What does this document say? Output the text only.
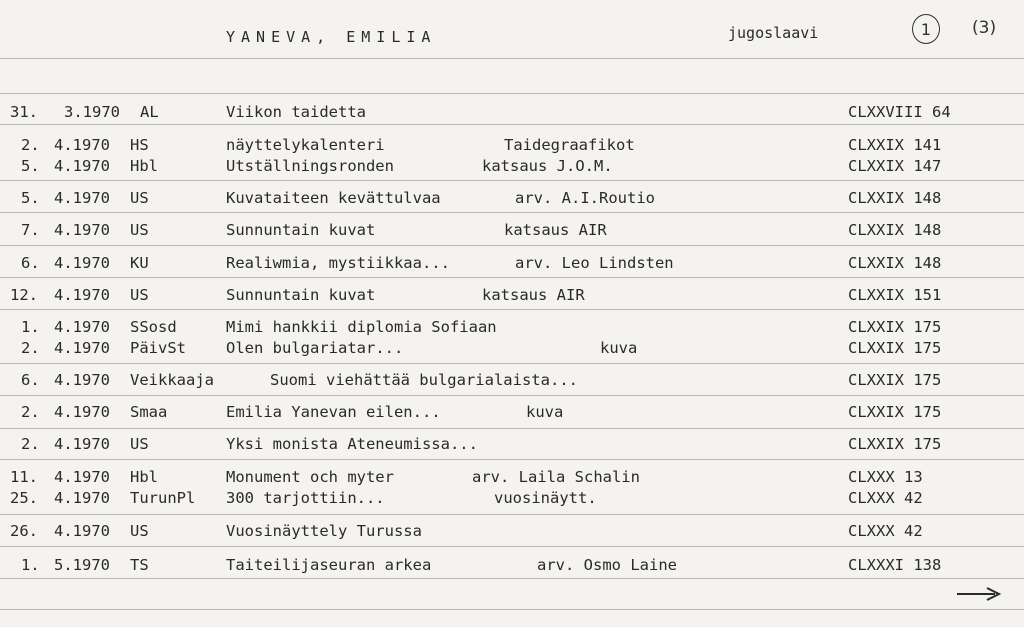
YANEVA, EMILIA	jugoslaavi	1 (3)
31. 3.1970 AL	Viikon taidetta	CLXXVIII 64
2. 4.1970 HS	näyttelykalenteri	Taidegraafikot	CLXXIX 141
5. 4.1970 Hbl	Utställningsronden	katsaus J.O.M.	CLXXIX 147
5. 4.1970 US	Kuvataiteen kevättulvaa	arv. A.I.Routio	CLXXIX 148
7. 4.1970 US	Sunnuntain kuvat	katsaus AIR	CLXXIX 148
6. 4.1970 KU	Realiwmia, mystiikkaa...	arv. Leo Lindsten	CLXXIX 148
12. 4.1970 US	Sunnuntain kuvat	katsaus AIR	CLXXIX 151
1. 4.1970 SSosd	Mimi hankkii diplomia Sofiaan	CLXXIX 175
2. 4.1970 PäivSt	Olen bulgariatar...	kuva	CLXXIX 175
6. 4.1970 Veikkaaja	Suomi viehättää bulgarialaista...	CLXXIX 175
2. 4.1970 Smaa	Emilia Yanevan eilen...	kuva	CLXXIX 175
2. 4.1970 US	Yksi monista Ateneumissa...	CLXXIX 175
11. 4.1970 Hbl	Monument och myter	arv. Laila Schalin	CLXXX 13
25. 4.1970 TurunPl 300 tarjottiin...	vuosinäytt.	CLXXX 42
26. 4.1970 US	Vuosinäyttely Turussa	CLXXX 42
1. 5.1970 TS	Taiteilijaseuran arkea	arv. Osmo Laine	CLXXXI 138
